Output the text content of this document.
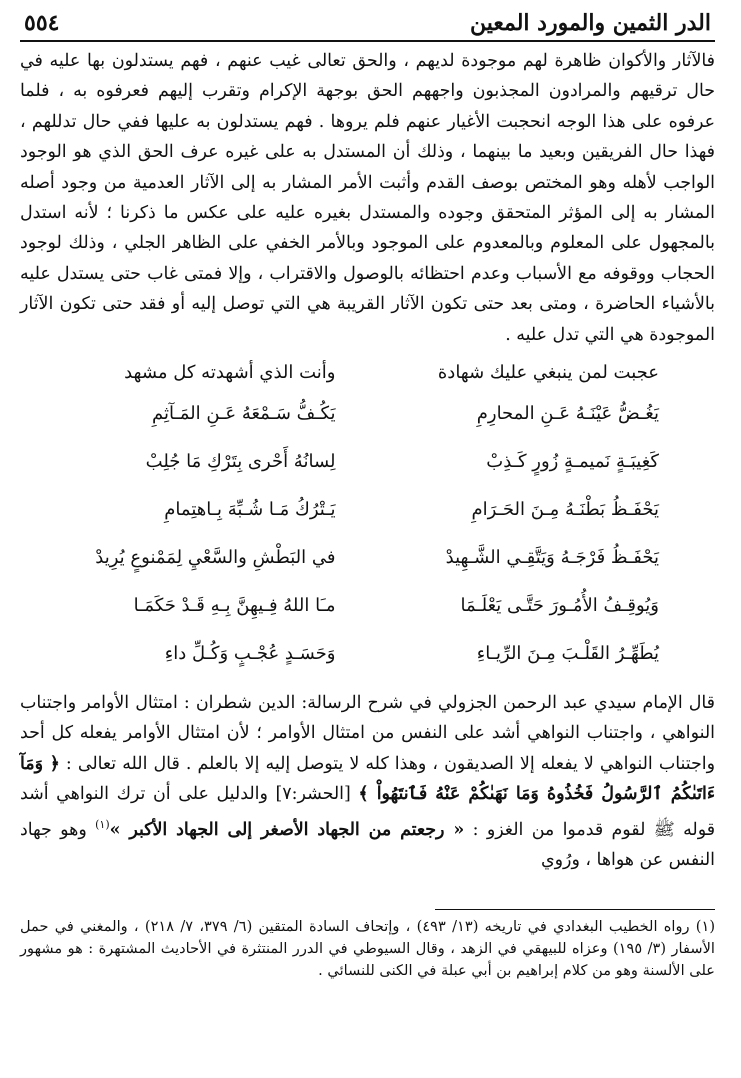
٥٥٤	الدر الثمين والمورد المعين

فالآثار والأكوان ظاهرة لهم موجودة لديهم ، والحق تعالى غيب عنهم ، فهم يستدلون بها عليه في حال ترقيهم والمرادون المجذبون واجههم الحق بوجهة الإكرام وتقرب إليهم فعرفوه به ، فلما عرفوه على هذا الوجه انحجبت الأغيار عنهم فلم يروها . فهم يستدلون به عليها ففي حال تدللهم ، فهذا حال الفريقين وبعيد ما بينهما ، وذلك أن المستدل به على غيره عرف الحق الذي هو الوجود الواجب لأهله وهو المختص بوصف القدم وأثبت الأمر المشار به إلى الآثار العدمية من وجود أصله المشار به إلى المؤثر المتحقق وجوده والمستدل بغيره عليه على عكس ما ذكرنا ؛ لأنه استدل بالمجهول على المعلوم وبالمعدوم على الموجود وبالأمر الخفي على الظاهر الجلي ، وذلك لوجود الحجاب ووقوفه مع الأسباب وعدم احتظائه بالوصول والاقتراب ، وإلا فمتى غاب حتى يستدل عليه بالأشياء الحاضرة ، ومتى بعد حتى تكون الآثار القريبة هي التي توصل إليه أو فقد حتى تكون الآثار الموجودة هي التي تدل عليه .

عجبت لمن ينبغي عليك شهادة
وأنت الذي أشهدته كل مشهد
يَغُـضُّ عَيْنَـهُ عَـنِ المحارِمِ
يَكُـفُّ سَـمْعَهُ عَـنِ المَـآثِمِ
كَغِيبَـةٍ نَميمـةٍ زُورٍ كَـذِبْ
لِسانُهُ أَحْرى بِتَرْكِ مَا جُلِبْ
يَحْفَـظُ بَطْنَـهُ مِـنَ الحَـرَامِ
يَـتْرُكُ مَـا شُـبِّهَ بِـاهتِمامِ
يَحْفَـظُ فَرْجَـهُ وَيَتَّقِـي الشَّـهِيدْ
في البَطْشِ والسَّعْيِ لِمَمْنوعٍ يُرِيدْ
وَيُوقِـفُ الأُمُـورَ حَتَّـى يَعْلَـمَا
مـَا اللهُ فِـيهِنَّ بِـهِ قَـدْ حَكَمَـا
يُطَهِّـرُ القَلْـبَ مِـنَ الرِّيـاءِ
وَحَسَـدٍ عُجْـبٍ وَكُـلِّ داءِ

قال الإمام سيدي عبد الرحمن الجزولي في شرح الرسالة: الدين شطران : امتثال الأوامر واجتناب النواهي ، واجتناب النواهي أشد على النفس من امتثال الأوامر ؛ لأن امتثال الأوامر يفعله كل أحد واجتناب النواهي لا يفعله إلا الصديقون ، وهذا كله لا يتوصل إليه إلا بالعلم . قال الله تعالى : ﴿ وَمَآ ءَاتَىٰكُمُ ٱلرَّسُولُ فَخُذُوهُ وَمَا نَهَىٰكُمْ عَنْهُ فَٱنتَهُواْ ﴾ [الحشر:٧] والدليل على أن ترك النواهي أشد قوله ﷺ لقوم قدموا من الغزو : « رجعتم من الجهاد الأصغر إلى الجهاد الأكبر »$^{(١)}$ وهو جهاد النفس عن هواها ، ورُوي

(١) رواه الخطيب البغدادي في تاريخه (١٣/ ٤٩٣) ، وإتحاف السادة المتقين (٦/ ٣٧٩، ٧/ ٢١٨) ، والمغني في حمل الأسفار (٣/ ١٩٥) وعزاه للبيهقي في الزهد ، وقال السيوطي في الدرر المنتثرة في الأحاديث المشتهرة : هو مشهور على الألسنة وهو من كلام إبراهيم بن أبي عبلة في الكنى للنسائي .
